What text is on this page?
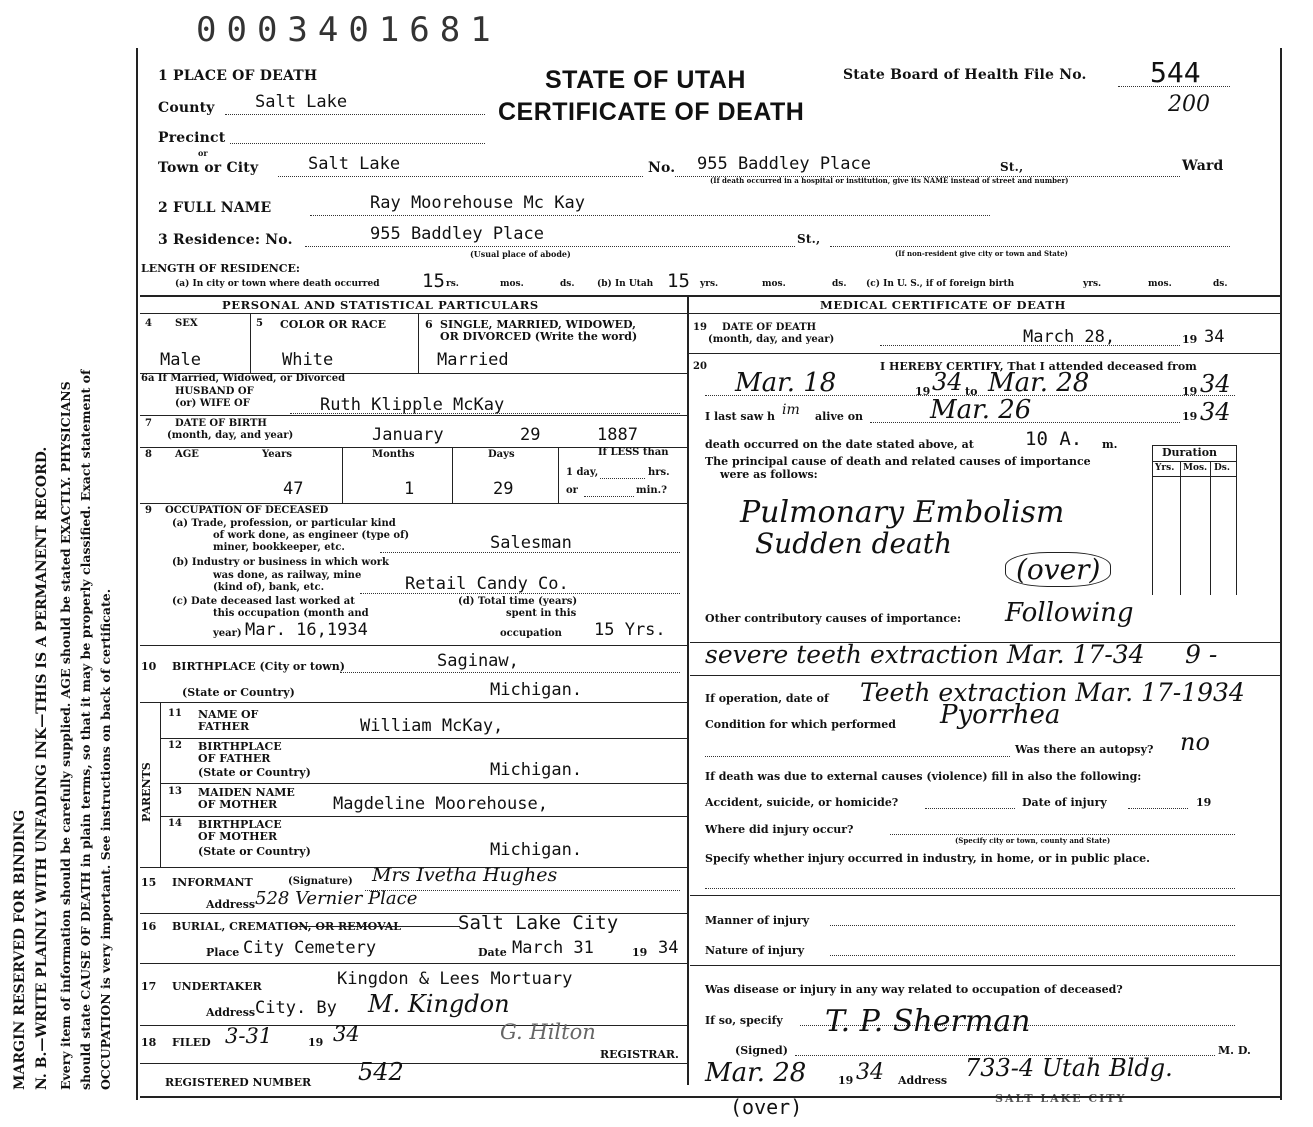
0003401681
MARGIN RESERVED FOR BINDING N. B.—WRITE PLAINLY WITH UNFADING INK—THIS IS A PERMANENT RECORD. Every item of information should be carefully supplied. AGE should be stated EXACTLY. PHYSICIANS should state CAUSE OF DEATH in plain terms, so that it may be properly classified. Exact statement of OCCUPATION is very important. See instructions on back of certificate.
1 PLACE OF DEATH	STATE OF UTAH
CERTIFICATE OF DEATH
State Board of Health File No. 544
200
County Salt Lake
Precinct
or
Town or City	Salt Lake	No. 955 Baddley Place	St.,	Ward
(If death occurred in a hospital or institution, give its NAME instead of street and number)
2 FULL NAME	Ray Moorehouse Mc Kay
3 Residence: No.	955 Baddley Place
(Usual place of abode)
St.,
(If non-resident give city or town and State)
LENGTH OF RESIDENCE:
(a) In city or town where death occurred 15 rs.	mos.	ds.	(b) In Utah 15 yrs.	mos.	ds. (c) In U. S., if of foreign birth	yrs.	mos.	ds.
PERSONAL AND STATISTICAL PARTICULARS	MEDICAL CERTIFICATE OF DEATH
4 SEX	5 COLOR OR RACE	6 SINGLE, MARRIED, WIDOWED,
OR DIVORCED (Write the word)
Male	White	Married
6a If Married, Widowed, or Divorced
HUSBAND OF
(or) WIFE OF	Ruth Klipple McKay
7 DATE OF BIRTH
(month, day, and year)	January	29	1887
8 AGE	Years	Months	Days	If LESS than
1 day,	hrs.
or	min.?
47	1	29
9 OCCUPATION OF DECEASED
(a) Trade, profession, or particular kind
of work done, as engineer (type of)
miner, bookkeeper, etc.	Salesman
(b) Industry or business in which work
was done, as railway, mine
(kind of), bank, etc.	Retail Candy Co.
(c) Date deceased last worked at
this occupation (month and
year) Mar. 16,1934
(d) Total time (years)
spent in this
occupation 15 Yrs.
10 BIRTHPLACE (City or town)	Saginaw,
(State or Country)	Michigan.
PARENTS
11 NAME OF
FATHER	William McKay,
12 BIRTHPLACE
OF FATHER
(State or Country)	Michigan.
13 MAIDEN NAME
OF MOTHER	Magdeline Moorehouse,
14 BIRTHPLACE
OF MOTHER
(State or Country)	Michigan.
15 INFORMANT	(Signature) Mrs Ivetha Hughes
Address 528 Vernier Place
16 BURIAL, CREMATION, OR REMOVAL	Salt Lake City
Place City Cemetery	Date March 31	19 34
17 UNDERTAKER	Kingdon & Lees Mortuary
Address City. By M. Kingdon
18 FILED 3-31	19 34	G. Hilton
REGISTRAR.
REGISTERED NUMBER 542
19 DATE OF DEATH
(month, day, and year)	March 28,	19 34
20	I HEREBY CERTIFY, That I attended deceased from
Mar. 18	19 34 to Mar. 28	19 34
I last saw h im alive on	Mar. 26	19 34
death occurred on the date stated above, at	10 A. m.
The principal cause of death and related causes of importance
were as follows:
Duration
Yrs. Mos. Ds.
Pulmonary Embolism
Sudden death
(over)
Other contributory causes of importance: Following
severe teeth extraction Mar. 17-34 9 -
If operation, date of Teeth extraction Mar. 17-1934
Condition for which performed Pyorrhea
Was there an autopsy? no
If death was due to external causes (violence) fill in also the following:
Accident, suicide, or homicide?	Date of injury	19
Where did injury occur?
(Specify city or town, county and State)
Specify whether injury occurred in industry, in home, or in public place.
Manner of injury
Nature of injury
Was disease or injury in any way related to occupation of deceased?
If so, specify
(Signed)
T. P. Sherman
M. D.
Mar. 28	19 34 Address 733-4 Utah Bldg.
SALT LAKE CITY
(over)
